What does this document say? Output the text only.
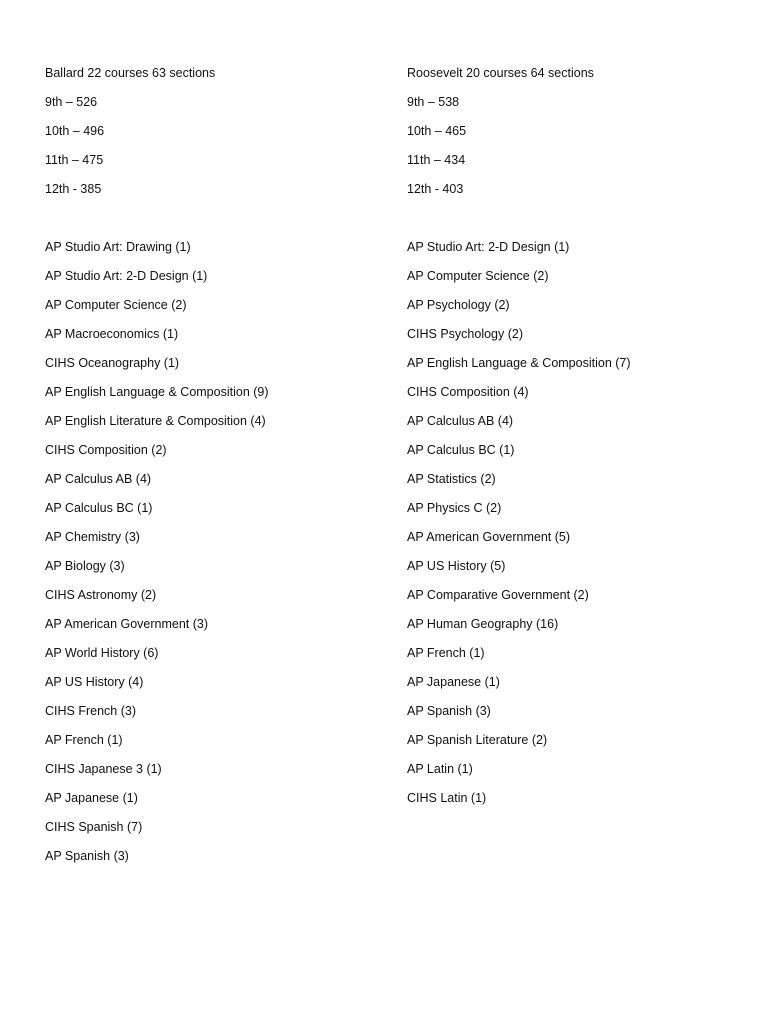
Ballard 22 courses 63 sections
9th – 526
10th – 496
11th – 475
12th - 385
AP Studio Art: Drawing (1)
AP Studio Art: 2-D Design (1)
AP Computer Science (2)
AP Macroeconomics (1)
CIHS Oceanography (1)
AP English Language & Composition (9)
AP English Literature & Composition (4)
CIHS Composition (2)
AP Calculus AB (4)
AP Calculus BC (1)
AP Chemistry (3)
AP Biology (3)
CIHS Astronomy (2)
AP American Government (3)
AP World History (6)
AP US History (4)
CIHS French (3)
AP French (1)
CIHS Japanese 3 (1)
AP Japanese (1)
CIHS Spanish (7)
AP Spanish (3)
Roosevelt 20 courses 64 sections
9th – 538
10th – 465
11th – 434
12th - 403
AP Studio Art: 2-D Design (1)
AP Computer Science (2)
AP Psychology (2)
CIHS Psychology (2)
AP English Language & Composition (7)
CIHS Composition (4)
AP Calculus AB (4)
AP Calculus BC (1)
AP Statistics (2)
AP Physics C (2)
AP American Government (5)
AP US History (5)
AP Comparative Government (2)
AP Human Geography (16)
AP French (1)
AP Japanese (1)
AP Spanish (3)
AP Spanish Literature (2)
AP Latin (1)
CIHS Latin (1)
